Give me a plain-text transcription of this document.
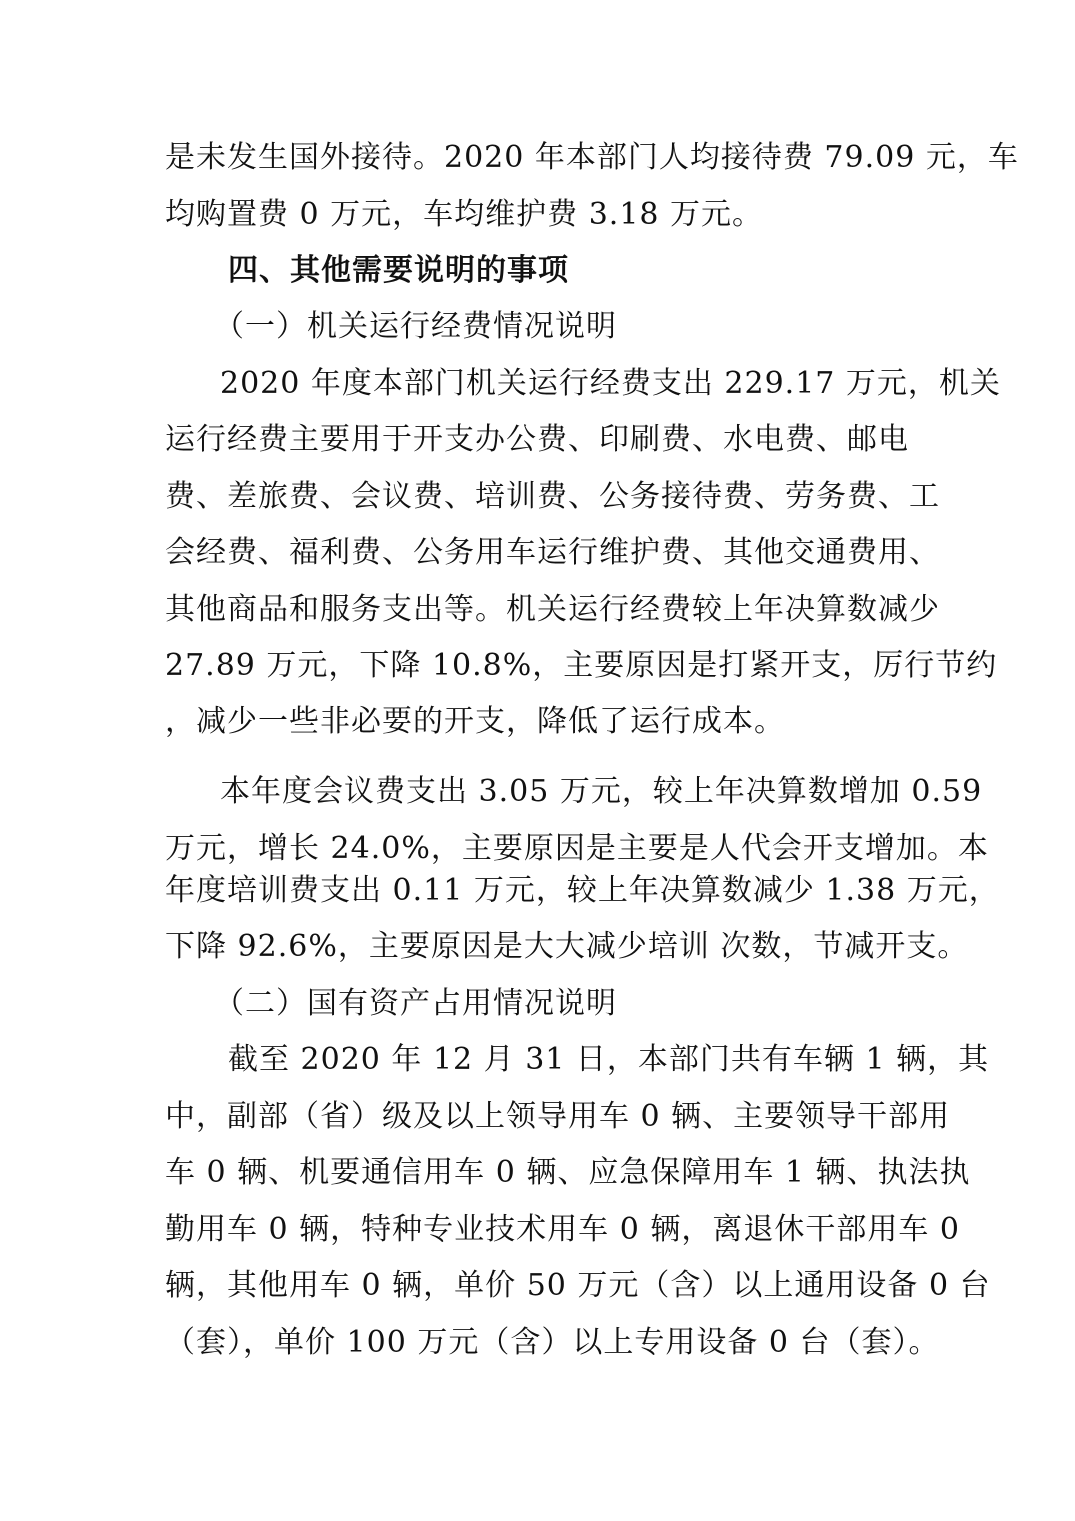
是未发生国外接待。2020 年本部门人均接待费 79.09 元，车
均购置费 0 万元，车均维护费 3.18 万元。
四、其他需要说明的事项
（一）机关运行经费情况说明
2020 年度本部门机关运行经费支出 229.17 万元，机关
运行经费主要用于开支办公费、印刷费、水电费、邮电
费、差旅费、会议费、培训费、公务接待费、劳务费、工
会经费、福利费、公务用车运行维护费、其他交通费用、
其他商品和服务支出等。机关运行经费较上年决算数减少
27.89 万元，下降 10.8%，主要原因是打紧开支，厉行节约
，减少一些非必要的开支，降低了运行成本。
本年度会议费支出 3.05 万元，较上年决算数增加 0.59
万元，增长 24.0%，主要原因是主要是人代会开支增加。本
年度培训费支出 0.11 万元，较上年决算数减少 1.38 万元，
下降 92.6%，主要原因是大大减少培训 次数，节减开支。
（二）国有资产占用情况说明
截至 2020 年 12 月 31 日，本部门共有车辆 1 辆，其
中，副部（省）级及以上领导用车 0 辆、主要领导干部用
车 0 辆、机要通信用车 0 辆、应急保障用车 1 辆、执法执
勤用车 0 辆，特种专业技术用车 0 辆，离退休干部用车 0
辆，其他用车 0 辆，单价 50 万元（含）以上通用设备 0 台
（套），单价 100 万元（含）以上专用设备 0 台（套）。
